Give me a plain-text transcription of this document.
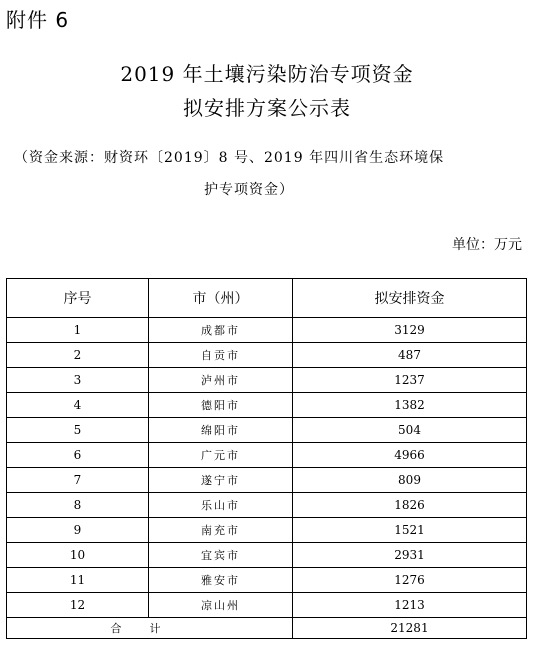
附件 6
2019 年土壤污染防治专项资金
拟安排方案公示表
（资金来源：财资环〔2019〕8 号、2019 年四川省生态环境保
护专项资金）
单位：万元
序号	市（州）	拟安排资金
1	成都市	3129
2	自贡市	487
3	泸州市	1237
4	德阳市	1382
5	绵阳市	504
6	广元市	4966
7	遂宁市	809
8	乐山市	1826
9	南充市	1521
10	宜宾市	2931
11	雅安市	1276
12	凉山州	1213
合计		21281
